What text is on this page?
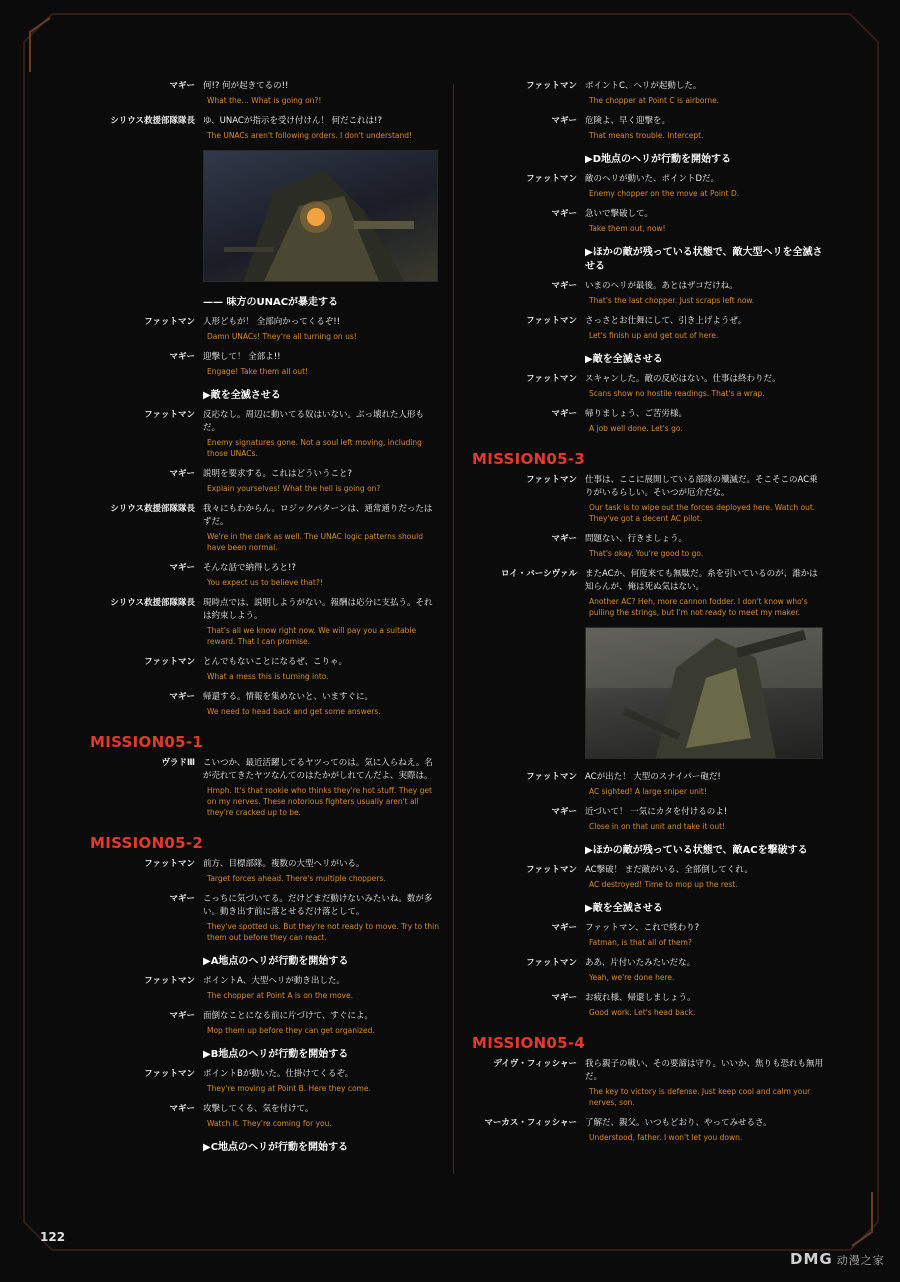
マギー 何!? 何が起きてるの!!
What the… What is going on?!
シリウス救援部隊隊長 ゆ、UNACが指示を受け付けん！ 何だこれは!?
The UNACs aren't following orders. I don't understand!
—— 味方のUNACが暴走する
ファットマン 人形どもが！ 全部向かってくるぞ!!
Damn UNACs! They're all turning on us!
マギー 迎撃して！ 全部よ!!
Engage! Take them all out!
▶敵を全滅させる
ファットマン 反応なし。周辺に動いてる奴はいない。ぶっ壊れた人形もだ。
Enemy signatures gone. Not a soul left moving, including those UNACs.
マギー 説明を要求する。これはどういうこと?
Explain yourselves! What the hell is going on?
シリウス救援部隊隊長 我々にもわからん。ロジックパターンは、通常通りだったはずだ。
We're in the dark as well. The UNAC logic patterns should have been normal.
マギー そんな話で納得しろと!?
You expect us to believe that?!
シリウス救援部隊隊長 現時点では、説明しようがない。報酬は応分に支払う。それは約束しよう。
That's all we know right now. We will pay you a suitable reward. That I can promise.
ファットマン とんでもないことになるぜ、こりゃ。
What a mess this is turning into.
マギー 帰還する。情報を集めないと、いますぐに。
We need to head back and get some answers.
MISSION05-1
ヴラドⅢ こいつか、最近活躍してるヤツってのは。気に入らねえ。名が売れてきたヤツなんてのはたかがしれてんだよ、実際は。
Hmph. It's that rookie who thinks they're hot stuff. They get on my nerves. These notorious fighters usually aren't all they're cracked up to be.
MISSION05-2
ファットマン 前方、目標部隊。複数の大型ヘリがいる。
Target forces ahead. There's multiple choppers.
マギー こっちに気づいてる。だけどまだ動けないみたいね。数が多い。動き出す前に落とせるだけ落として。
They've spotted us. But they're not ready to move. Try to thin them out before they can react.
▶A地点のヘリが行動を開始する
ファットマン ポイントA、大型ヘリが動き出した。
The chopper at Point A is on the move.
マギー 面倒なことになる前に片づけて、すぐによ。
Mop them up before they can get organized.
▶B地点のヘリが行動を開始する
ファットマン ポイントBが動いた。仕掛けてくるぞ。
They're moving at Point B. Here they come.
マギー 攻撃してくる、気を付けて。
Watch it. They're coming for you.
▶C地点のヘリが行動を開始する
ファットマン ポイントC、ヘリが起動した。
The chopper at Point C is airborne.
マギー 危険よ、早く迎撃を。
That means trouble. Intercept.
▶D地点のヘリが行動を開始する
ファットマン 敵のヘリが動いた、ポイントDだ。
Enemy chopper on the move at Point D.
マギー 急いで撃破して。
Take them out, now!
▶ほかの敵が残っている状態で、敵大型ヘリを全滅させる
マギー いまのヘリが最後。あとはザコだけね。
That's the last chopper. Just scraps left now.
ファットマン さっさとお仕舞にして、引き上げようぜ。
Let's finish up and get out of here.
▶敵を全滅させる
ファットマン スキャンした。敵の反応はない。仕事は終わりだ。
Scans show no hostile readings. That's a wrap.
マギー 帰りましょう、ご苦労様。
A job well done. Let's go.
MISSION05-3
ファットマン 仕事は、ここに展開している部隊の殲滅だ。そこそこのAC乗りがいるらしい。そいつが厄介だな。
Our task is to wipe out the forces deployed here. Watch out. They've got a decent AC pilot.
マギー 問題ない、行きましょう。
That's okay. You're good to go.
ロイ・バーシヴァル またACか、何度来ても無駄だ。糸を引いているのが、誰かは知らんが、俺は死ぬ気はない。
Another AC? Heh, more cannon fodder. I don't know who's pulling the strings, but I'm not ready to meet my maker.
ファットマン ACが出た！ 大型のスナイパー砲だ!
AC sighted! A large sniper unit!
マギー 近づいて！ 一気にカタを付けるのよ!
Close in on that unit and take it out!
▶ほかの敵が残っている状態で、敵ACを撃破する
ファットマン AC撃破！ まだ敵がいる、全部倒してくれ。
AC destroyed! Time to mop up the rest.
▶敵を全滅させる
マギー ファットマン、これで終わり?
Fatman, is that all of them?
ファットマン ああ、片付いたみたいだな。
Yeah, we're done here.
マギー お疲れ様、帰還しましょう。
Good work. Let's head back.
MISSION05-4
デイヴ・フィッシャー 我ら親子の戦い、その要諦は守り。いいか、焦りも恐れも無用だ。
The key to victory is defense. Just keep cool and calm your nerves, son.
マーカス・フィッシャー 了解だ、親父。いつもどおり、やってみせるさ。
Understood, father. I won't let you down.
122
DMG 动漫之家
